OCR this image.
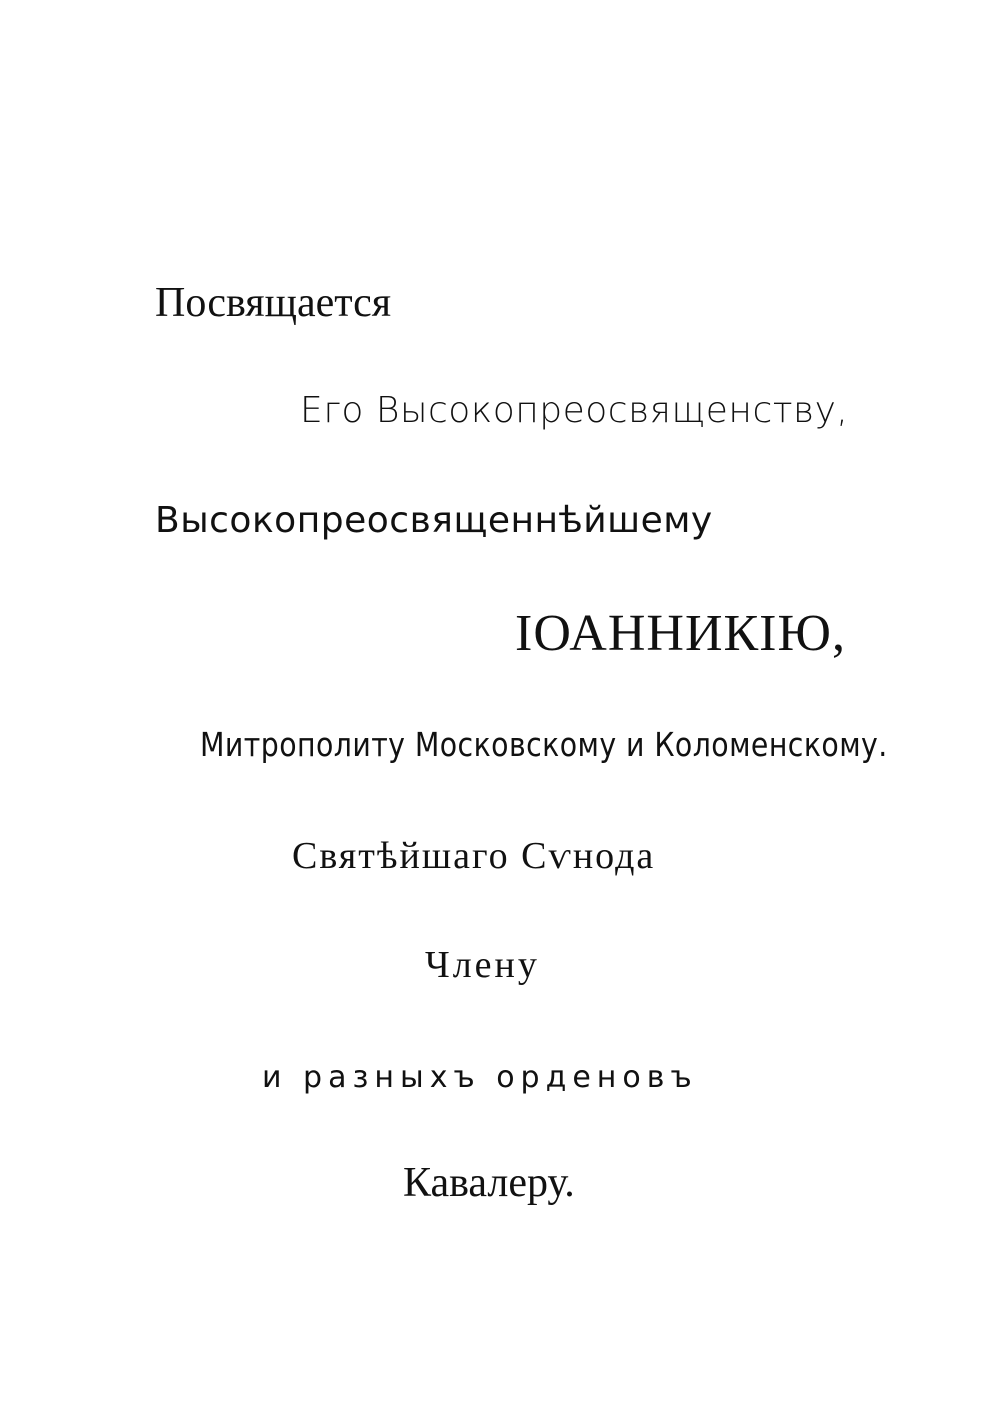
Посвящается

Его Высокопреосвященству,

Высокопреосвященнѣйшему

ІОАННИКІЮ,

Митрополиту Московскому и Коломенскому.

Святѣйшаго Сѵнода

Члену

и разныхъ орденовъ

Кавалеру.
